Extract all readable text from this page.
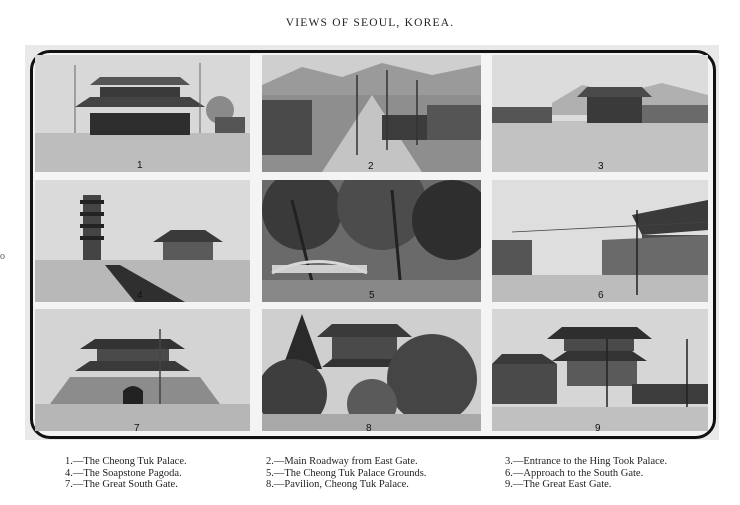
VIEWS OF SEOUL, KOREA.
o
1	2	3
4	5	6
7	8	9
1.—The Cheong Tuk Palace.
4.—The Soapstone Pagoda.
7.—The Great South Gate.
2.—Main Roadway from East Gate.
5.—The Cheong Tuk Palace Grounds.
8.—Pavilion, Cheong Tuk Palace.
3.—Entrance to the Hing Took Palace.
6.—Approach to the South Gate.
9.—The Great East Gate.
